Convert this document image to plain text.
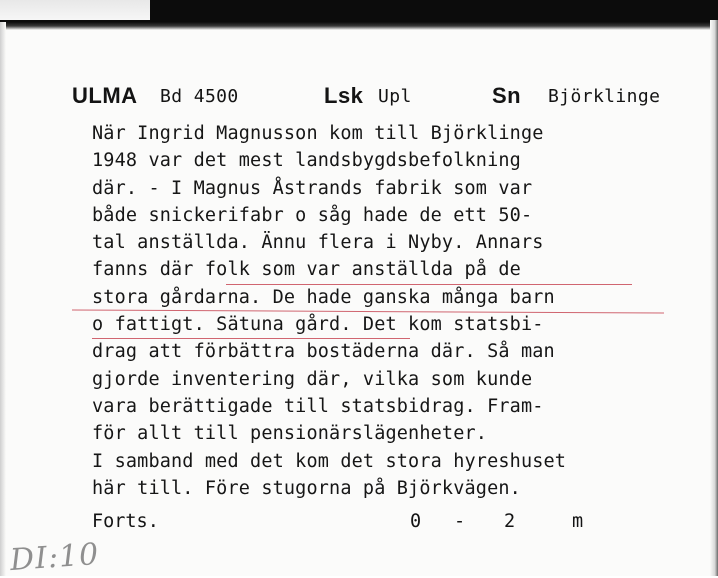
ULMA Bd 4500	Lsk Upl	Sn Björklinge
När Ingrid Magnusson kom till Björklinge
1948 var det mest landsbygdsbefolkning
där. - I Magnus Åstrands fabrik som var
både snickerifabr o såg hade de ett 50-
tal anställda. Ännu flera i Nyby. Annars
fanns där folk som var anställda på de
stora gårdarna. De hade ganska många barn
o fattigt. Sätuna gård. Det kom statsbi-
drag att förbättra bostäderna där. Så man
gjorde inventering där, vilka som kunde
vara berättigade till statsbidrag. Fram-
för allt till pensionärslägenheter.
I samband med det kom det stora hyreshuset
här till. Före stugorna på Björkvägen.
Forts.	0 - 2	m
DI:10
